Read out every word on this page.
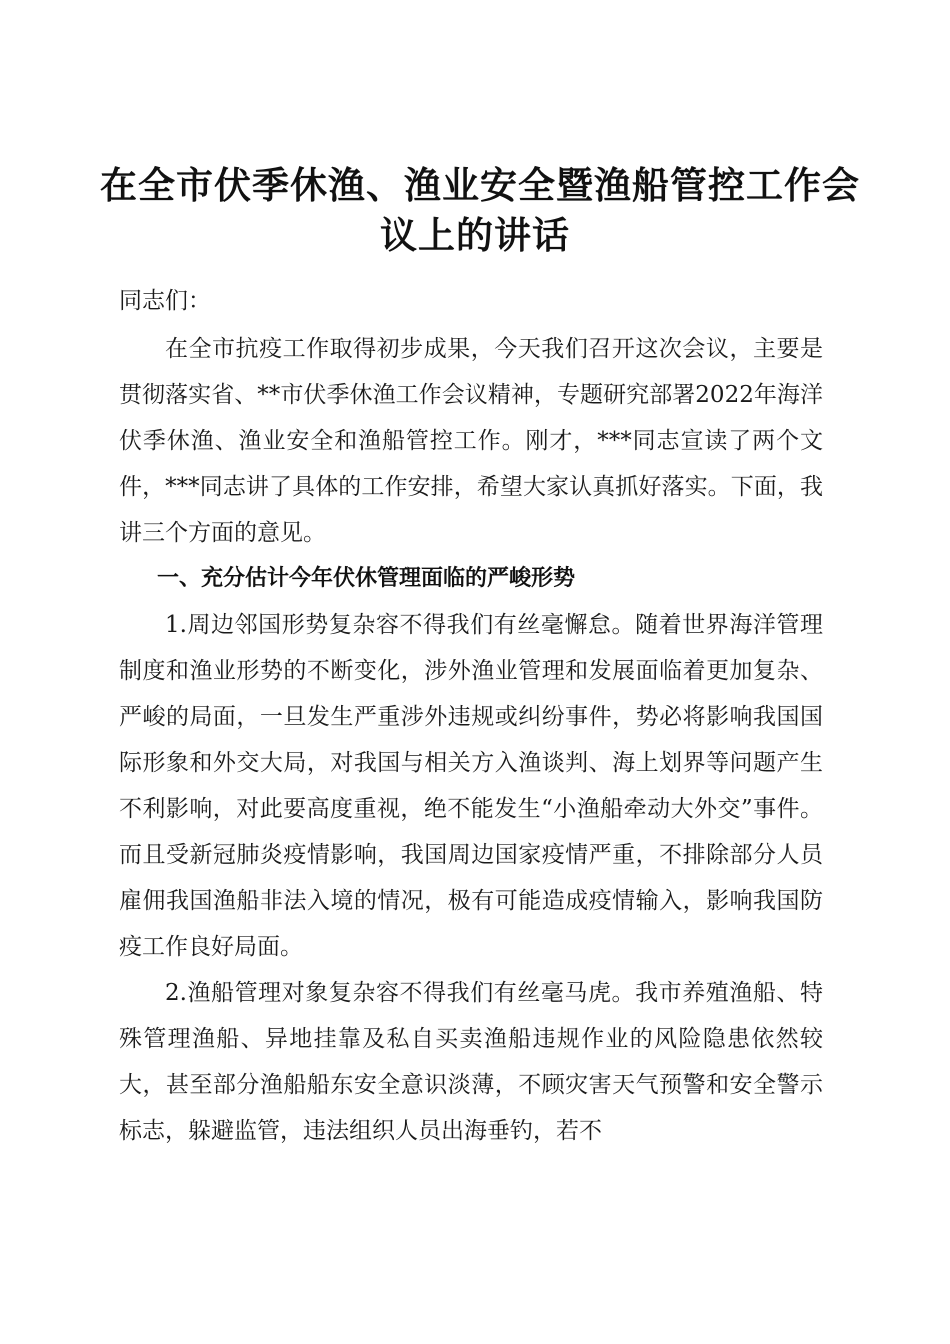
在全市伏季休渔、渔业安全暨渔船管控工作会
议上的讲话

同志们：

在全市抗疫工作取得初步成果，今天我们召开这次会议，主要是贯彻落实省、**市伏季休渔工作会议精神，专题研究部署2022年海洋伏季休渔、渔业安全和渔船管控工作。刚才，***同志宣读了两个文件，***同志讲了具体的工作安排，希望大家认真抓好落实。下面，我讲三个方面的意见。

一、充分估计今年伏休管理面临的严峻形势

1.周边邻国形势复杂容不得我们有丝毫懈怠。随着世界海洋管理制度和渔业形势的不断变化，涉外渔业管理和发展面临着更加复杂、严峻的局面，一旦发生严重涉外违规或纠纷事件，势必将影响我国国际形象和外交大局，对我国与相关方入渔谈判、海上划界等问题产生不利影响，对此要高度重视，绝不能发生“小渔船牵动大外交”事件。而且受新冠肺炎疫情影响，我国周边国家疫情严重，不排除部分人员雇佣我国渔船非法入境的情况，极有可能造成疫情输入，影响我国防疫工作良好局面。

2.渔船管理对象复杂容不得我们有丝毫马虎。我市养殖渔船、特殊管理渔船、异地挂靠及私自买卖渔船违规作业的风险隐患依然较大，甚至部分渔船船东安全意识淡薄，不顾灾害天气预警和安全警示标志，躲避监管，违法组织人员出海垂钓，若不
